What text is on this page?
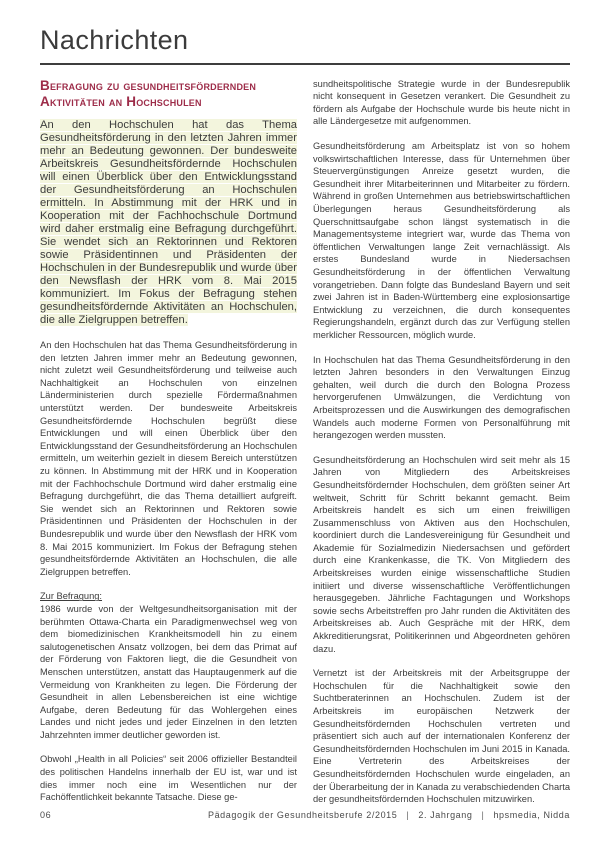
Nachrichten
Befragung zu gesundheitsfördernden Aktivitäten an Hochschulen

An den Hochschulen hat das Thema Gesundheitsförderung in den letzten Jahren immer mehr an Bedeutung gewonnen. Der bundesweite Arbeitskreis Gesundheitsfördernde Hochschulen will einen Überblick über den Entwicklungsstand der Gesundheitsförderung an Hochschulen ermitteln. In Abstimmung mit der HRK und in Kooperation mit der Fachhochschule Dortmund wird daher erstmalig eine Befragung durchgeführt. Sie wendet sich an Rektorinnen und Rektoren sowie Präsidentinnen und Präsidenten der Hochschulen in der Bundesrepublik und wurde über den Newsflash der HRK vom 8. Mai 2015 kommuniziert. Im Fokus der Befragung stehen gesundheitsfördernde Aktivitäten an Hochschulen, die alle Zielgruppen betreffen.

An den Hochschulen hat das Thema Gesundheitsförderung in den letzten Jahren immer mehr an Bedeutung gewonnen, nicht zuletzt weil Gesundheitsförderung und teilweise auch Nachhaltigkeit an Hochschulen von einzelnen Länderministerien durch spezielle Fördermaßnahmen unterstützt werden. Der bundesweite Arbeitskreis Gesundheitsfördernde Hochschulen begrüßt diese Entwicklungen und will einen Überblick über den Entwicklungsstand der Gesundheitsförderung an Hochschulen ermitteln, um weiterhin gezielt in diesem Bereich unterstützen zu können. In Abstimmung mit der HRK und in Kooperation mit der Fachhochschule Dortmund wird daher erstmalig eine Befragung durchgeführt, die das Thema detailliert aufgreift. Sie wendet sich an Rektorinnen und Rektoren sowie Präsidentinnen und Präsidenten der Hochschulen in der Bundesrepublik und wurde über den Newsflash der HRK vom 8. Mai 2015 kommuniziert. Im Fokus der Befragung stehen gesundheitsfördernde Aktivitäten an Hochschulen, die alle Zielgruppen betreffen.

Zur Befragung:

1986 wurde von der Weltgesundheitsorganisation mit der berühmten Ottawa-Charta ein Paradigmenwechsel weg von dem biomedizinischen Krankheitsmodell hin zu einem salutogenetischen Ansatz vollzogen, bei dem das Primat auf der Förderung von Faktoren liegt, die die Gesundheit von Menschen unterstützen, anstatt das Hauptaugenmerk auf die Vermeidung von Krankheiten zu legen. Die Förderung der Gesundheit in allen Lebensbereichen ist eine wichtige Aufgabe, deren Bedeutung für das Wohlergehen eines Landes und nicht jedes und jeder Einzelnen in den letzten Jahrzehnten immer deutlicher geworden ist.

Obwohl „Health in all Policies“ seit 2006 offizieller Bestandteil des politischen Handelns innerhalb der EU ist, war und ist dies immer noch eine im Wesentlichen nur der Fachöffentlichkeit bekannte Tatsache. Diese ge-

sundheitspolitische Strategie wurde in der Bundesrepublik nicht konsequent in Gesetzen verankert. Die Gesundheit zu fördern als Aufgabe der Hochschule wurde bis heute nicht in alle Ländergesetze mit aufgenommen.

Gesundheitsförderung am Arbeitsplatz ist von so hohem volkswirtschaftlichen Interesse, dass für Unternehmen über Steuervergünstigungen Anreize gesetzt wurden, die Gesundheit ihrer Mitarbeiterinnen und Mitarbeiter zu fördern. Während in großen Unternehmen aus betriebswirtschaftlichen Überlegungen heraus Gesundheitsförderung als Querschnittsaufgabe schon längst systematisch in die Managementsysteme integriert war, wurde das Thema von öffentlichen Verwaltungen lange Zeit vernachlässigt. Als erstes Bundesland wurde in Niedersachsen Gesundheitsförderung in der öffentlichen Verwaltung vorangetrieben. Dann folgte das Bundesland Bayern und seit zwei Jahren ist in Baden-Württemberg eine explosionsartige Entwicklung zu verzeichnen, die durch konsequentes Regierungshandeln, ergänzt durch das zur Verfügung stellen merklicher Ressourcen, möglich wurde.

In Hochschulen hat das Thema Gesundheitsförderung in den letzten Jahren besonders in den Verwaltungen Einzug gehalten, weil durch die durch den Bologna Prozess hervorgerufenen Umwälzungen, die Verdichtung von Arbeitsprozessen und die Auswirkungen des demografischen Wandels auch moderne Formen von Personalführung mit herangezogen werden mussten.

Gesundheitsförderung an Hochschulen wird seit mehr als 15 Jahren von Mitgliedern des Arbeitskreises Gesundheitsfördernder Hochschulen, dem größten seiner Art weltweit, Schritt für Schritt bekannt gemacht. Beim Arbeitskreis handelt es sich um einen freiwilligen Zusammenschluss von Aktiven aus den Hochschulen, koordiniert durch die Landesvereinigung für Gesundheit und Akademie für Sozialmedizin Niedersachsen und gefördert durch eine Krankenkasse, die TK. Von Mitgliedern des Arbeitskreises wurden einige wissenschaftliche Studien initiiert und diverse wissenschaftliche Veröffentlichungen herausgegeben. Jährliche Fachtagungen und Workshops sowie sechs Arbeitstreffen pro Jahr runden die Aktivitäten des Arbeitskreises ab. Auch Gespräche mit der HRK, dem Akkreditierungsrat, Politikerinnen und Abgeordneten gehören dazu.

Vernetzt ist der Arbeitskreis mit der Arbeitsgruppe der Hochschulen für die Nachhaltigkeit sowie den Suchtberaterinnen an Hochschulen. Zudem ist der Arbeitskreis im europäischen Netzwerk der Gesundheitsfördernden Hochschulen vertreten und präsentiert sich auch auf der internationalen Konferenz der Gesundheitsfördernden Hochschulen im Juni 2015 in Kanada. Eine Vertreterin des Arbeitskreises der Gesundheitsfördernden Hochschulen wurde eingeladen, an der Überarbeitung der in Kanada zu verabschiedenden Charta der gesundheitsfördernden Hochschulen mitzuwirken.

06	Pädagogik der Gesundheitsberufe 2/2015 | 2. Jahrgang | hpsmedia, Nidda
